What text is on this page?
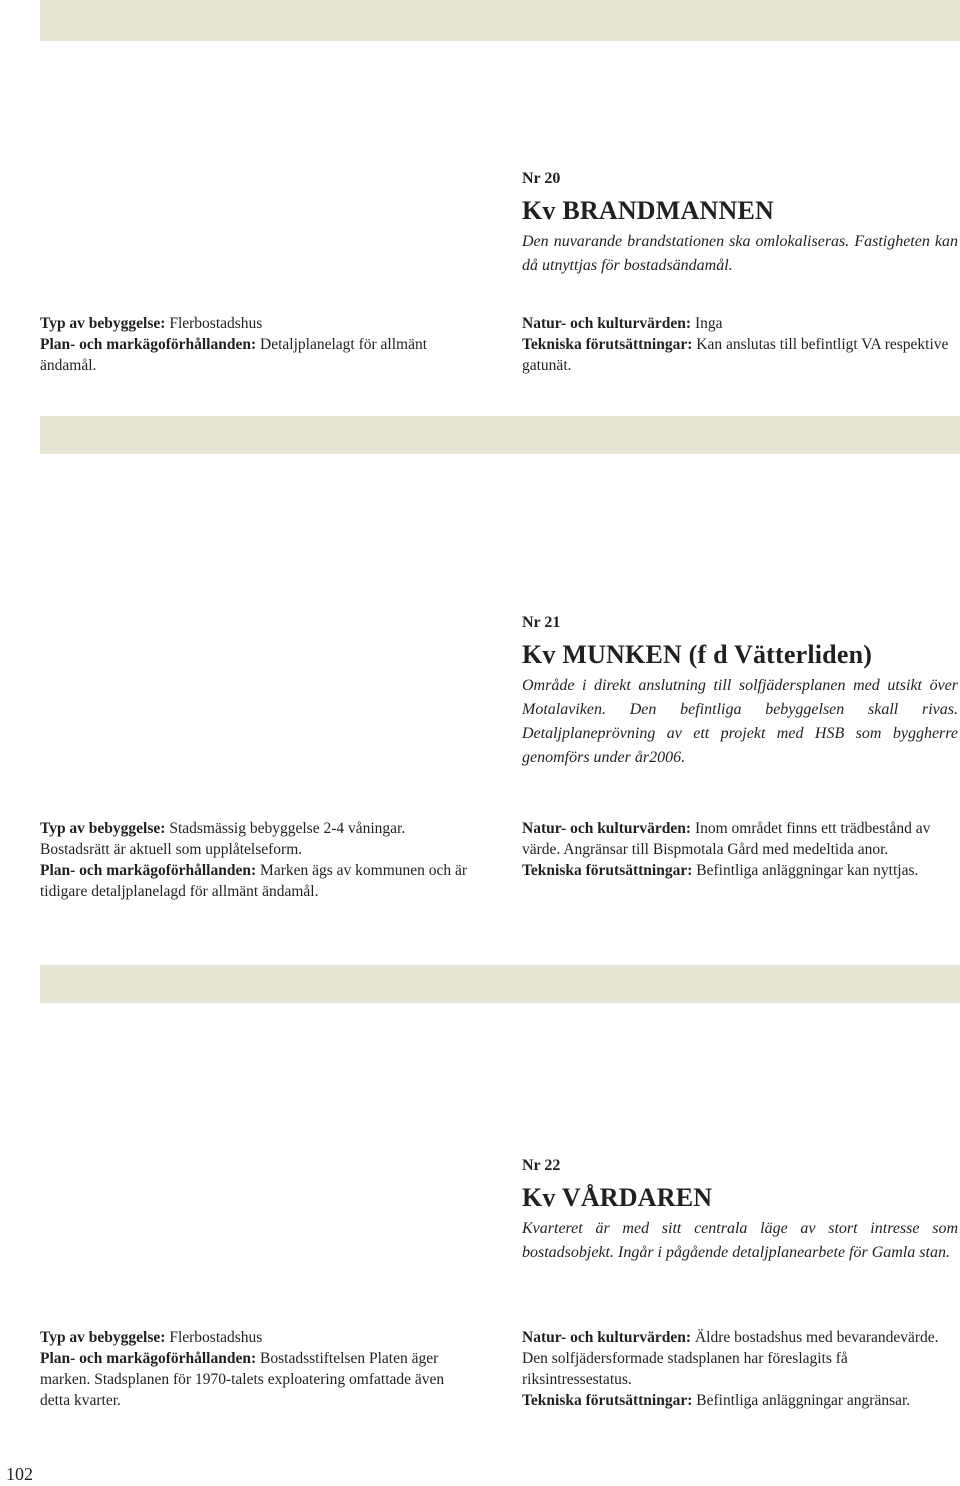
Nr 20

Kv BRANDMANNEN

Den nuvarande brandstationen ska omlokaliseras. Fastigheten kan då utnyttjas för bostadsändamål.

Typ av bebyggelse: Flerbostadshus

Plan- och markägoförhållanden: Detaljplanelagt för allmänt ändamål.

Natur- och kulturvärden: Inga

Tekniska förutsättningar: Kan anslutas till befintligt VA respektive gatunät.

Nr 21

Kv MUNKEN (f d Vätterliden)

Område i direkt anslutning till solfjädersplanen med utsikt över Motalaviken. Den befintliga bebyggelsen skall rivas. Detaljplaneprövning av ett projekt med HSB som byggherre genomförs under år2006.

Typ av bebyggelse: Stadsmässig bebyggelse 2-4 våningar. Bostadsrätt är aktuell som upplåtelseform.

Plan- och markägoförhållanden: Marken ägs av kommunen och är tidigare detaljplanelagd för allmänt ändamål.

Natur- och kulturvärden: Inom området finns ett trädbestånd av värde. Angränsar till Bispmotala Gård med medeltida anor.

Tekniska förutsättningar: Befintliga anläggningar kan nyttjas.

Nr 22

Kv VÅRDAREN

Kvarteret är med sitt centrala läge av stort intresse som bostadsobjekt. Ingår i pågående detaljplanearbete för Gamla stan.

Typ av bebyggelse: Flerbostadshus

Plan- och markägoförhållanden: Bostadsstiftelsen Platen äger marken. Stadsplanen för 1970-talets exploatering omfattade även detta kvarter.

Natur- och kulturvärden: Äldre bostadshus med bevarandevärde. Den solfjädersformade stadsplanen har föreslagits få riksintressestatus.

Tekniska förutsättningar: Befintliga anläggningar angränsar.

102
